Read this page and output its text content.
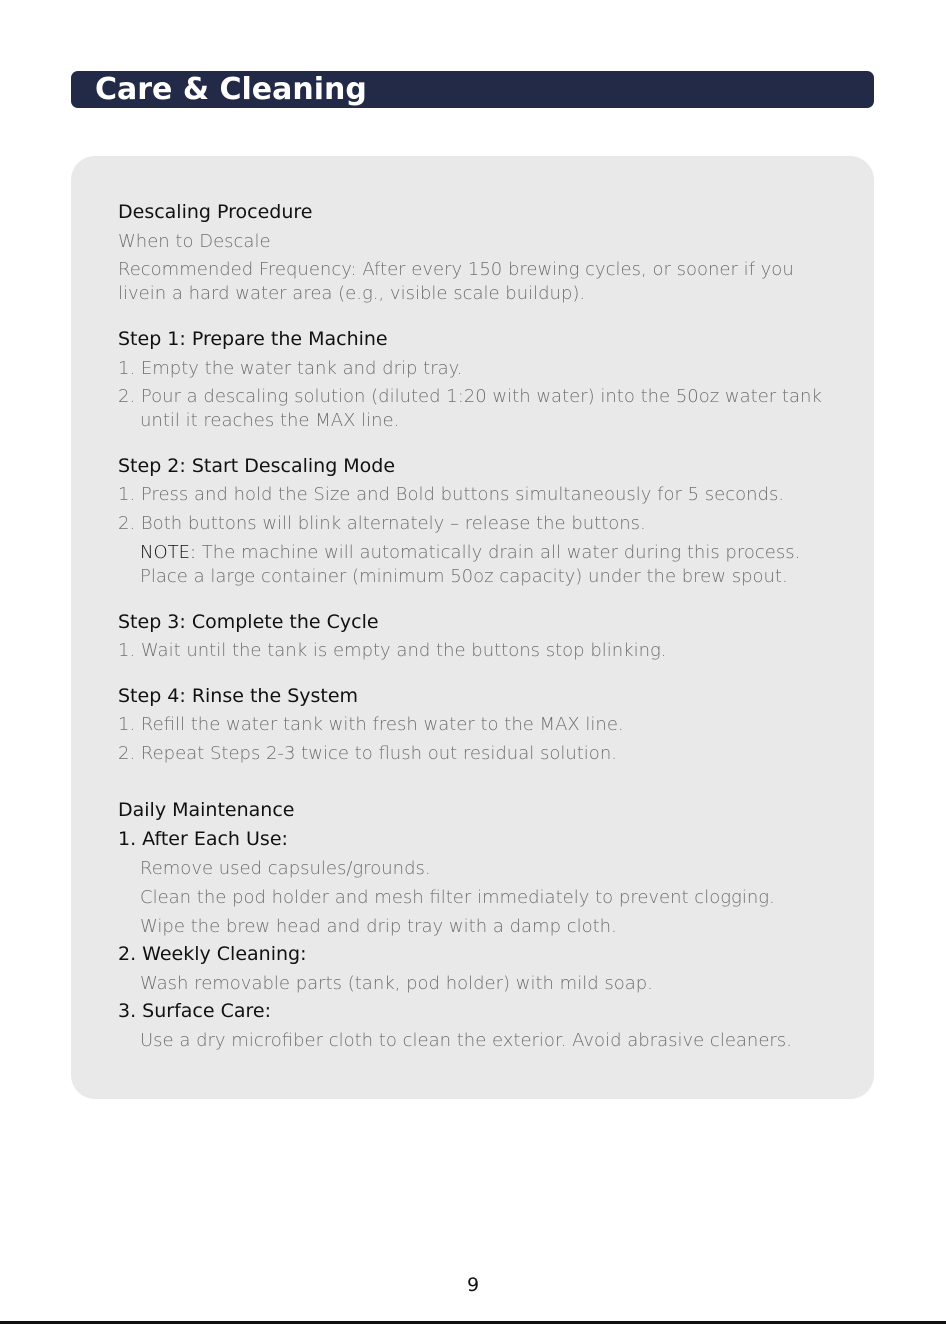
Care & Cleaning
Descaling Procedure
When to Descale
Recommended Frequency: After every 150 brewing cycles, or sooner if you
livein a hard water area (e.g., visible scale buildup).
Step 1: Prepare the Machine
1. Empty the water tank and drip tray.
2. Pour a descaling solution (diluted 1:20 with water) into the 50oz water tank
until it reaches the MAX line.
Step 2: Start Descaling Mode
1. Press and hold the Size and Bold buttons simultaneously for 5 seconds.
2. Both buttons will blink alternately – release the buttons.
NOTE: The machine will automatically drain all water during this process.
Place a large container (minimum 50oz capacity) under the brew spout.
Step 3: Complete the Cycle
1. Wait until the tank is empty and the buttons stop blinking.
Step 4: Rinse the System
1. Refill the water tank with fresh water to the MAX line.
2. Repeat Steps 2-3 twice to flush out residual solution.
Daily Maintenance
1. After Each Use:
Remove used capsules/grounds.
Clean the pod holder and mesh filter immediately to prevent clogging.
Wipe the brew head and drip tray with a damp cloth.
2. Weekly Cleaning:
Wash removable parts (tank, pod holder) with mild soap.
3. Surface Care:
Use a dry microfiber cloth to clean the exterior. Avoid abrasive cleaners.
9
